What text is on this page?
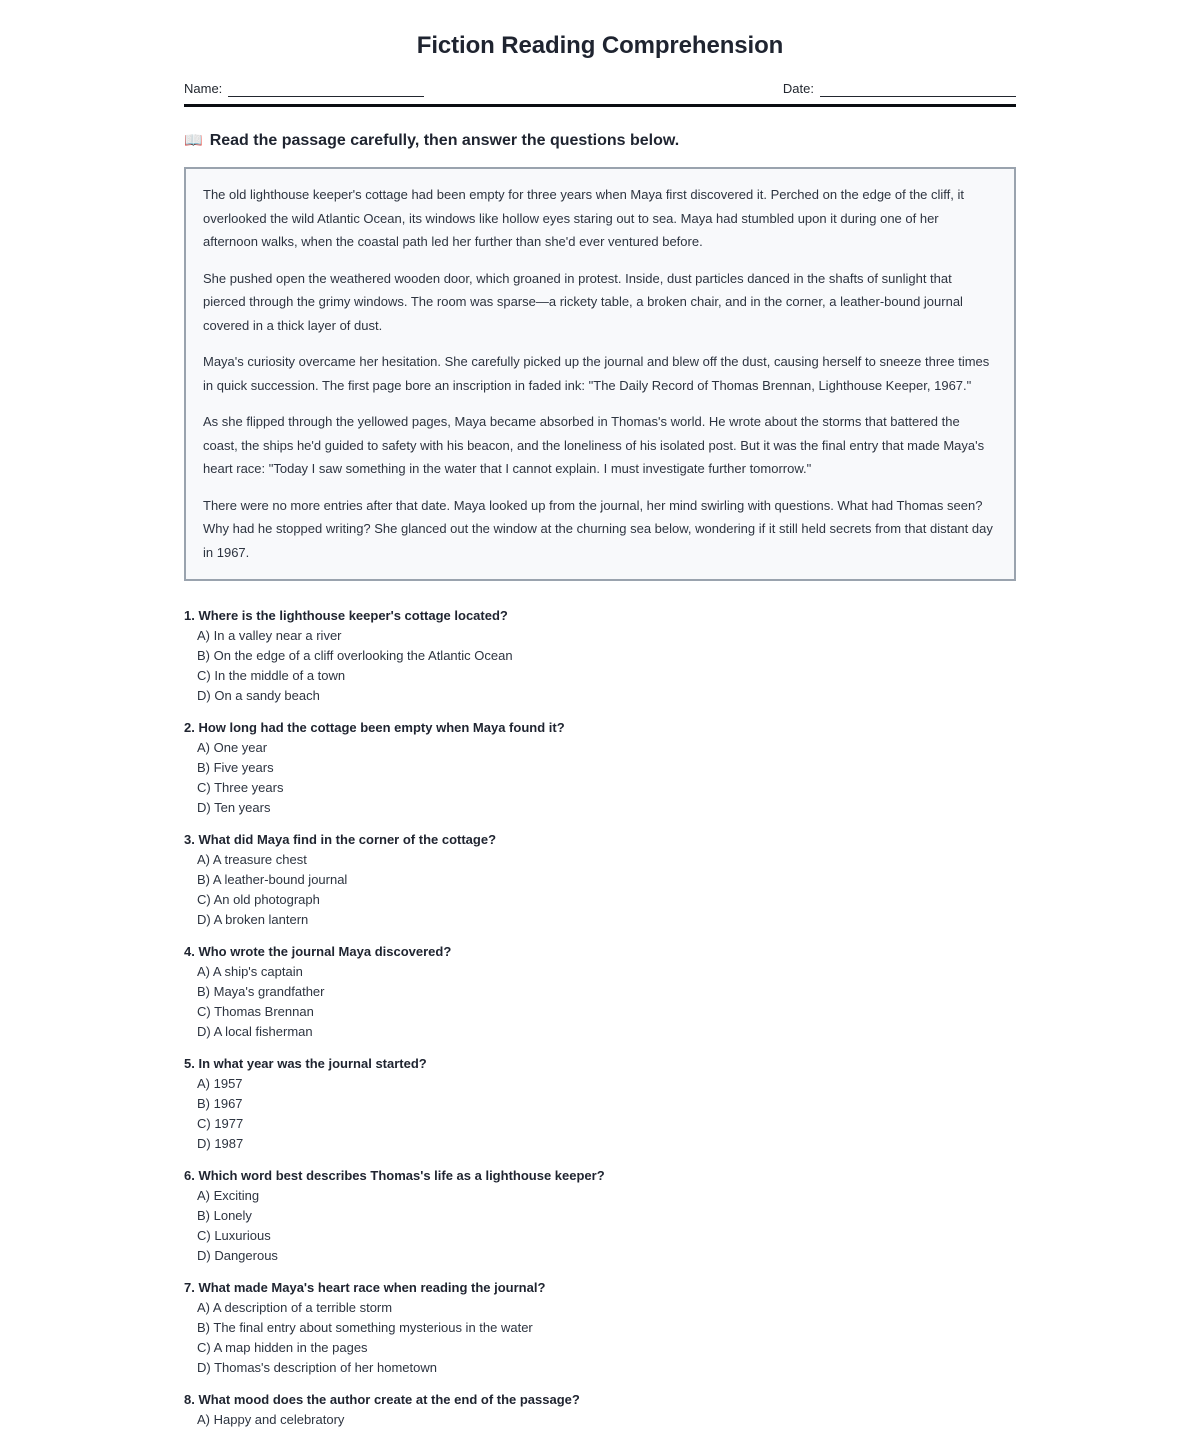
Fiction Reading Comprehension
Name:	Date:
📖 Read the passage carefully, then answer the questions below.

The old lighthouse keeper's cottage had been empty for three years when Maya first discovered it. Perched on the edge of the cliff, it overlooked the wild Atlantic Ocean, its windows like hollow eyes staring out to sea. Maya had stumbled upon it during one of her afternoon walks, when the coastal path led her further than she'd ever ventured before.

She pushed open the weathered wooden door, which groaned in protest. Inside, dust particles danced in the shafts of sunlight that pierced through the grimy windows. The room was sparse—a rickety table, a broken chair, and in the corner, a leather-bound journal covered in a thick layer of dust.

Maya's curiosity overcame her hesitation. She carefully picked up the journal and blew off the dust, causing herself to sneeze three times in quick succession. The first page bore an inscription in faded ink: "The Daily Record of Thomas Brennan, Lighthouse Keeper, 1967."

As she flipped through the yellowed pages, Maya became absorbed in Thomas's world. He wrote about the storms that battered the coast, the ships he'd guided to safety with his beacon, and the loneliness of his isolated post. But it was the final entry that made Maya's heart race: "Today I saw something in the water that I cannot explain. I must investigate further tomorrow."

There were no more entries after that date. Maya looked up from the journal, her mind swirling with questions. What had Thomas seen? Why had he stopped writing? She glanced out the window at the churning sea below, wondering if it still held secrets from that distant day in 1967.

1. Where is the lighthouse keeper's cottage located?

A) In a valley near a river
B) On the edge of a cliff overlooking the Atlantic Ocean
C) In the middle of a town
D) On a sandy beach

2. How long had the cottage been empty when Maya found it?

A) One year
B) Five years
C) Three years
D) Ten years

3. What did Maya find in the corner of the cottage?

A) A treasure chest
B) A leather-bound journal
C) An old photograph
D) A broken lantern

4. Who wrote the journal Maya discovered?

A) A ship's captain
B) Maya's grandfather
C) Thomas Brennan
D) A local fisherman

5. In what year was the journal started?

A) 1957
B) 1967
C) 1977
D) 1987

6. Which word best describes Thomas's life as a lighthouse keeper?

A) Exciting
B) Lonely
C) Luxurious
D) Dangerous

7. What made Maya's heart race when reading the journal?

A) A description of a terrible storm
B) The final entry about something mysterious in the water
C) A map hidden in the pages
D) Thomas's description of her hometown

8. What mood does the author create at the end of the passage?

A) Happy and celebratory
